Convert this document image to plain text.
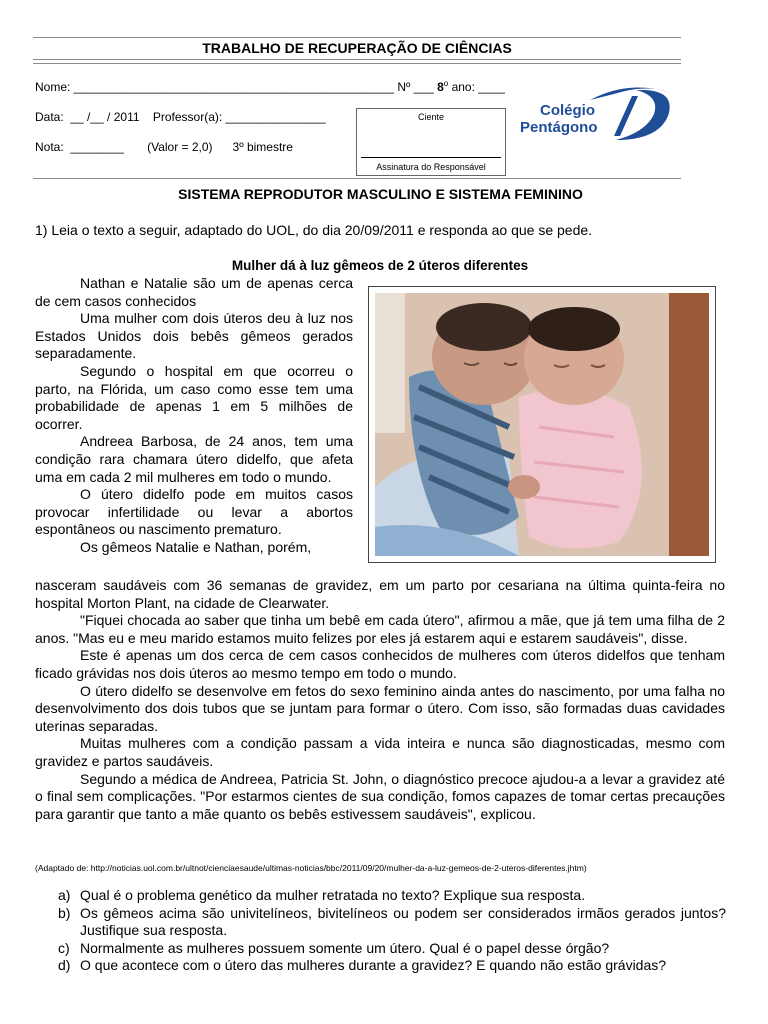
TRABALHO DE RECUPERAÇÃO DE CIÊNCIAS
Nome: ________________________________________________ Nº ___ 8$^o$ ano: ____
Data:  __ /__ / 2011    Professor(a): _______________
Nota:  ________       (Valor = 2,0)      3º bimestre
Ciente
Assinatura do Responsável
Colégio
Pentágono
SISTEMA REPRODUTOR MASCULINO E SISTEMA FEMININO
1) Leia o texto a seguir, adaptado do UOL, do dia 20/09/2011 e responda ao que se pede.
Mulher dá à luz gêmeos de 2 úteros diferentes

Nathan e Natalie são um de apenas cerca de cem casos conhecidos

Uma mulher com dois úteros deu à luz nos Estados Unidos dois bebês gêmeos gerados separadamente.

Segundo o hospital em que ocorreu o parto, na Flórida, um caso como esse tem uma probabilidade de apenas 1 em 5 milhões de ocorrer.

Andreea Barbosa, de 24 anos, tem uma condição rara chamara útero didelfo, que afeta uma em cada 2 mil mulheres em todo o mundo.

O útero didelfo pode em muitos casos provocar infertilidade ou levar a abortos espontâneos ou nascimento prematuro.

Os gêmeos Natalie e Nathan, porém,

nasceram saudáveis com 36 semanas de gravidez, em um parto por cesariana na última quinta-feira no hospital Morton Plant, na cidade de Clearwater.

"Fiquei chocada ao saber que tinha um bebê em cada útero", afirmou a mãe, que já tem uma filha de 2 anos. "Mas eu e meu marido estamos muito felizes por eles já estarem aqui e estarem saudáveis", disse.

Este é apenas um dos cerca de cem casos conhecidos de mulheres com úteros didelfos que tenham ficado grávidas nos dois úteros ao mesmo tempo em todo o mundo.

O útero didelfo se desenvolve em fetos do sexo feminino ainda antes do nascimento, por uma falha no desenvolvimento dos dois tubos que se juntam para formar o útero. Com isso, são formadas duas cavidades uterinas separadas.

Muitas mulheres com a condição passam a vida inteira e nunca são diagnosticadas, mesmo com gravidez e partos saudáveis.

Segundo a médica de Andreea, Patricia St. John, o diagnóstico precoce ajudou-a a levar a gravidez até o final sem complicações. "Por estarmos cientes de sua condição, fomos capazes de tomar certas precauções para garantir que tanto a mãe quanto os bebês estivessem saudáveis", explicou.

(Adaptado de: http://noticias.uol.com.br/ultnot/cienciaesaude/ultimas-noticias/bbc/2011/09/20/mulher-da-a-luz-gemeos-de-2-uteros-diferentes.jhtm)
a) Qual é o problema genético da mulher retratada no texto? Explique sua resposta.
b) Os gêmeos acima são univitelíneos, bivitelíneos ou podem ser considerados irmãos gerados juntos? Justifique sua resposta.
c) Normalmente as mulheres possuem somente um útero. Qual é o papel desse órgão?
d) O que acontece com o útero das mulheres durante a gravidez? E quando não estão grávidas?
